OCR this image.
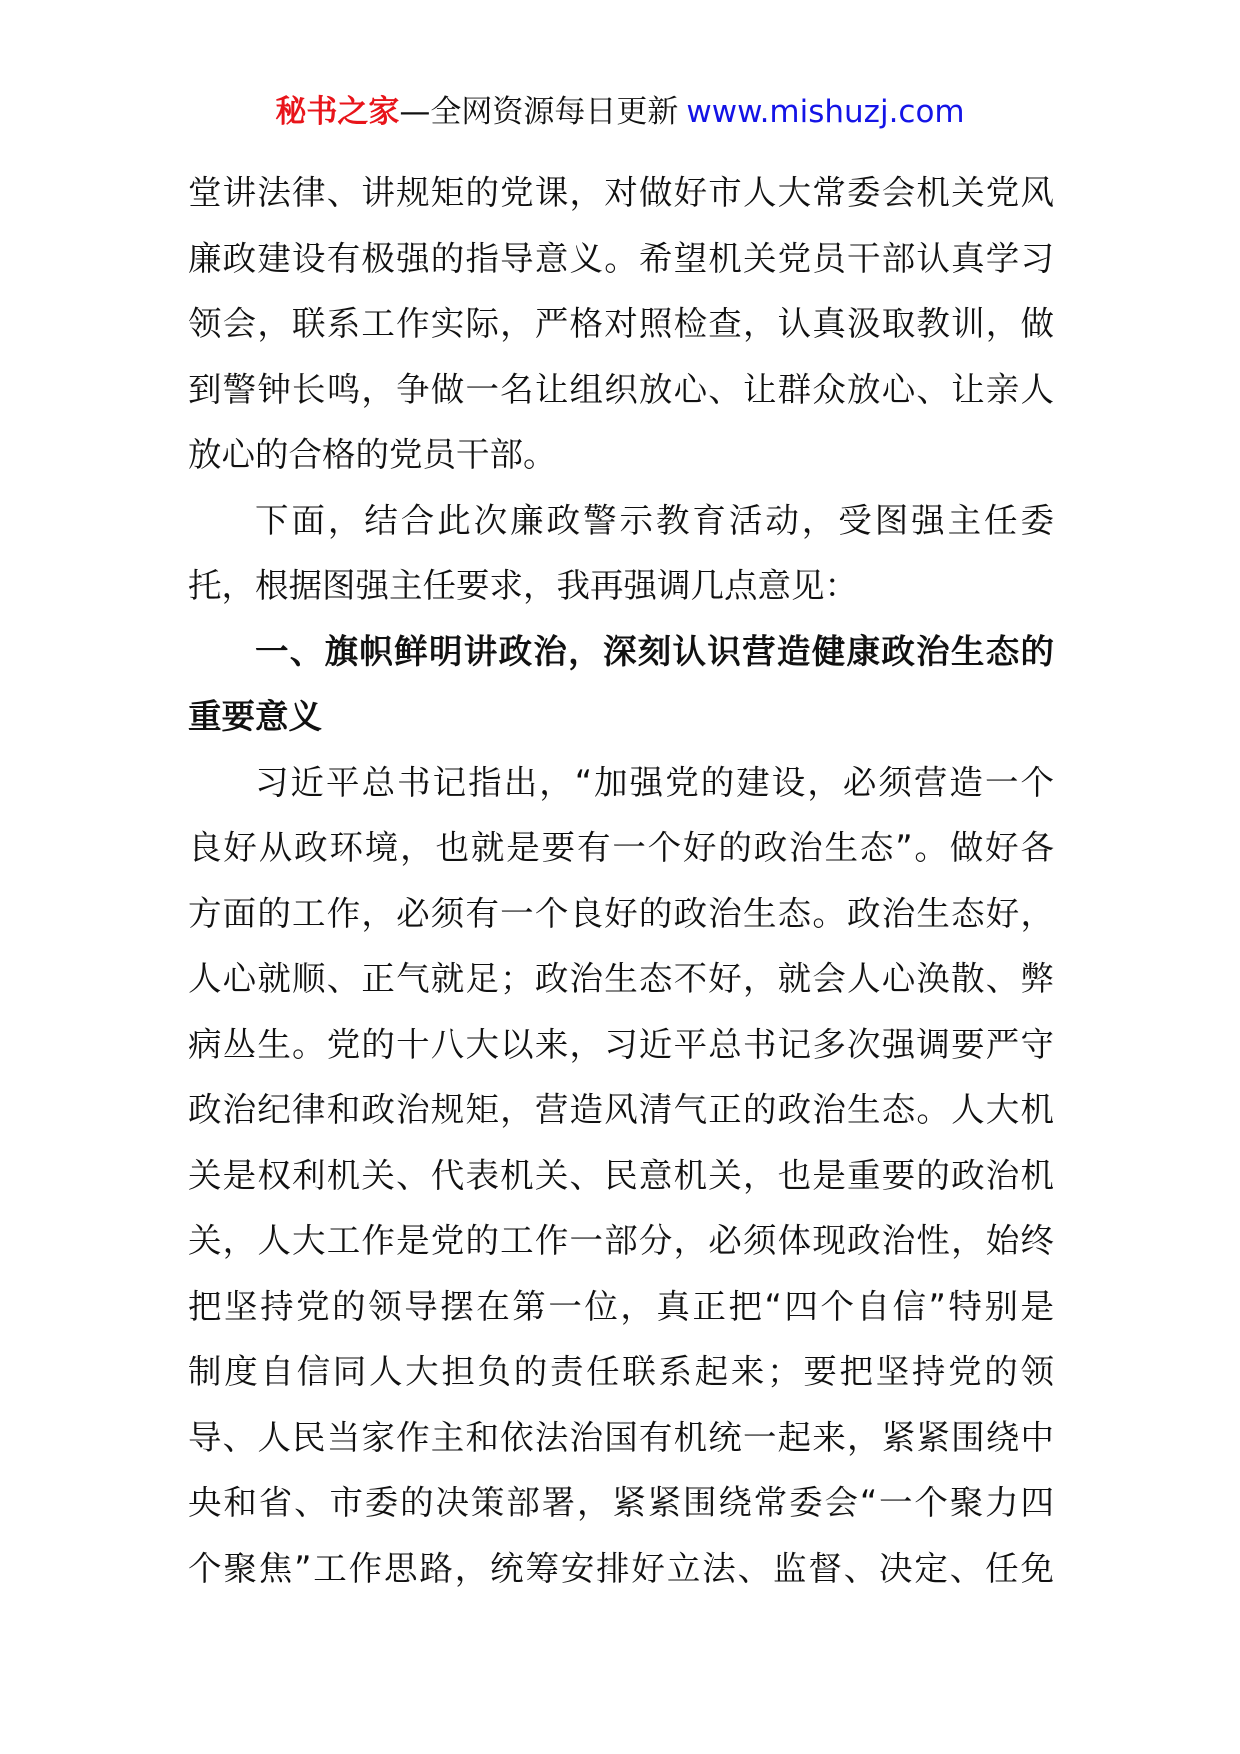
秘书之家—全网资源每日更新 www.mishuzj.com
堂讲法律、讲规矩的党课，对做好市人大常委会机关党风
廉政建设有极强的指导意义。希望机关党员干部认真学习
领会，联系工作实际，严格对照检查，认真汲取教训，做
到警钟长鸣，争做一名让组织放心、让群众放心、让亲人
放心的合格的党员干部。
下面，结合此次廉政警示教育活动，受图强主任委
托，根据图强主任要求，我再强调几点意见：
一、旗帜鲜明讲政治，深刻认识营造健康政治生态的
重要意义
习近平总书记指出，“加强党的建设，必须营造一个
良好从政环境，也就是要有一个好的政治生态”。做好各
方面的工作，必须有一个良好的政治生态。政治生态好，
人心就顺、正气就足；政治生态不好，就会人心涣散、弊
病丛生。党的十八大以来，习近平总书记多次强调要严守
政治纪律和政治规矩，营造风清气正的政治生态。人大机
关是权利机关、代表机关、民意机关，也是重要的政治机
关，人大工作是党的工作一部分，必须体现政治性，始终
把坚持党的领导摆在第一位，真正把“四个自信”特别是
制度自信同人大担负的责任联系起来；要把坚持党的领
导、人民当家作主和依法治国有机统一起来，紧紧围绕中
央和省、市委的决策部署，紧紧围绕常委会“一个聚力四
个聚焦”工作思路，统筹安排好立法、监督、决定、任免
